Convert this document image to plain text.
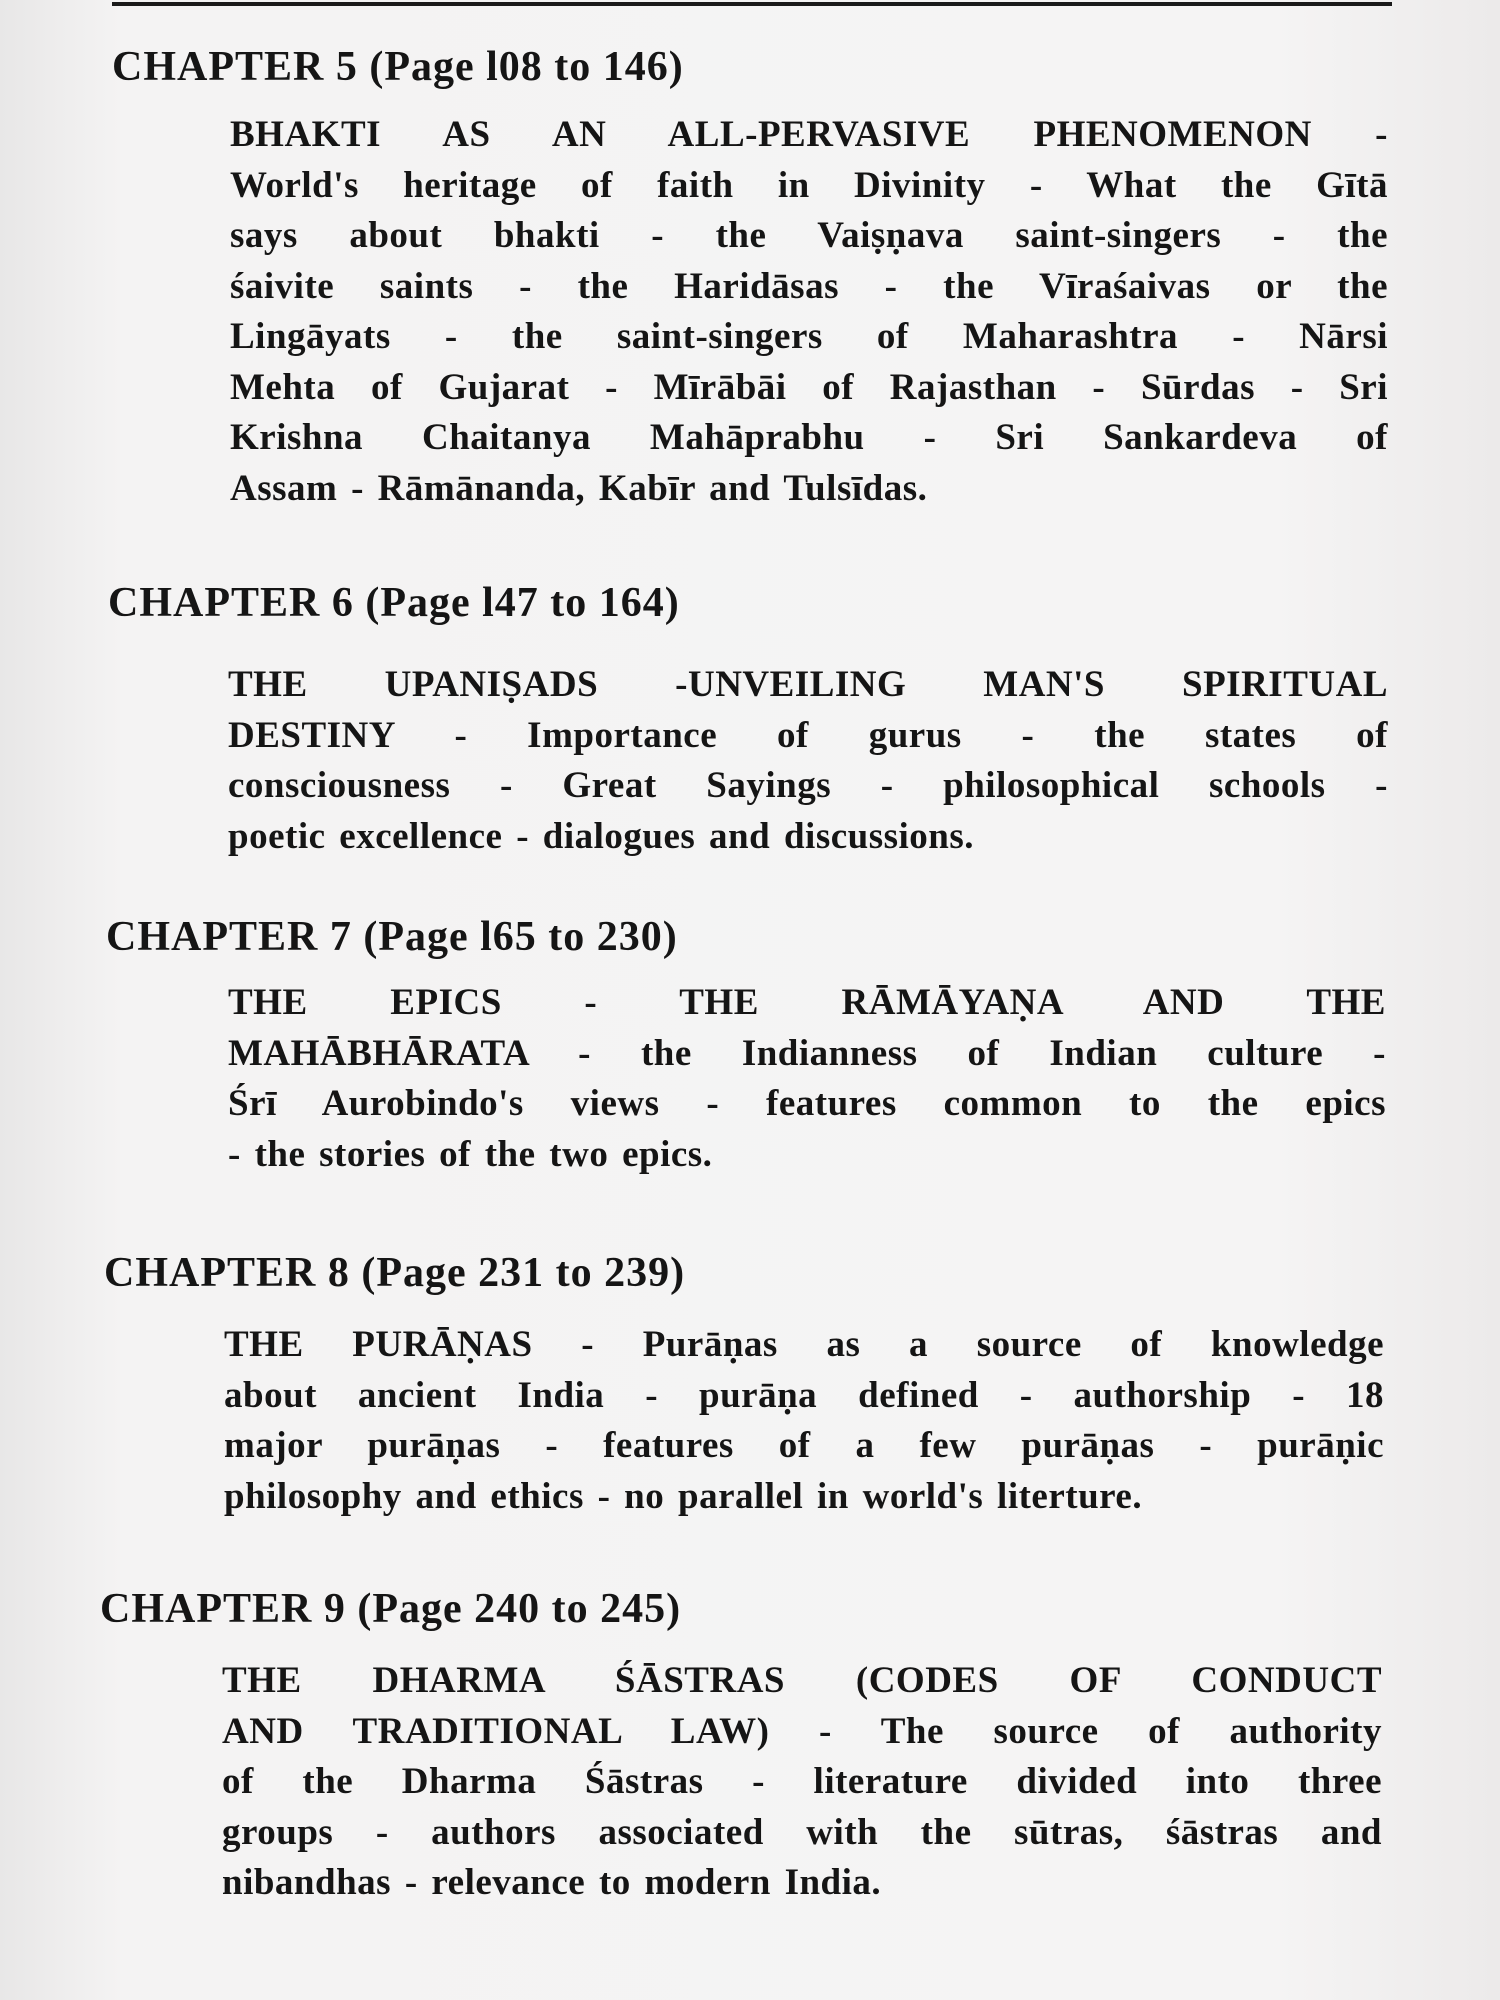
CHAPTER 5 (Page l08 to 146)
BHAKTI AS AN ALL-PERVASIVE PHENOMENON -
World's heritage of faith in Divinity - What the Gītā
says about bhakti - the Vaiṣṇava saint-singers - the
śaivite saints - the Haridāsas - the Vīraśaivas or the
Lingāyats - the saint-singers of Maharashtra - Nārsi
Mehta of Gujarat - Mīrābāi of Rajasthan - Sūrdas - Sri
Krishna Chaitanya Mahāprabhu - Sri Sankardeva of
Assam - Rāmānanda, Kabīr and Tulsīdas.
CHAPTER 6 (Page l47 to 164)
THE UPANIṢADS -UNVEILING MAN'S SPIRITUAL
DESTINY - Importance of gurus - the states of
consciousness - Great Sayings - philosophical schools -
poetic excellence - dialogues and discussions.
CHAPTER 7 (Page l65 to 230)
THE EPICS - THE RĀMĀYAṆA AND THE
MAHĀBHĀRATA - the Indianness of Indian culture -
Śrī Aurobindo's views - features common to the epics
- the stories of the two epics.
CHAPTER 8 (Page 231 to 239)
THE PURĀṆAS - Purāṇas as a source of knowledge
about ancient India - purāṇa defined - authorship - 18
major purāṇas - features of a few purāṇas - purāṇic
philosophy and ethics - no parallel in world's literture.
CHAPTER 9 (Page 240 to 245)
THE DHARMA ŚĀSTRAS (CODES OF CONDUCT
AND TRADITIONAL LAW) - The source of authority
of the Dharma Śāstras - literature divided into three
groups - authors associated with the sūtras, śāstras and
nibandhas - relevance to modern India.
